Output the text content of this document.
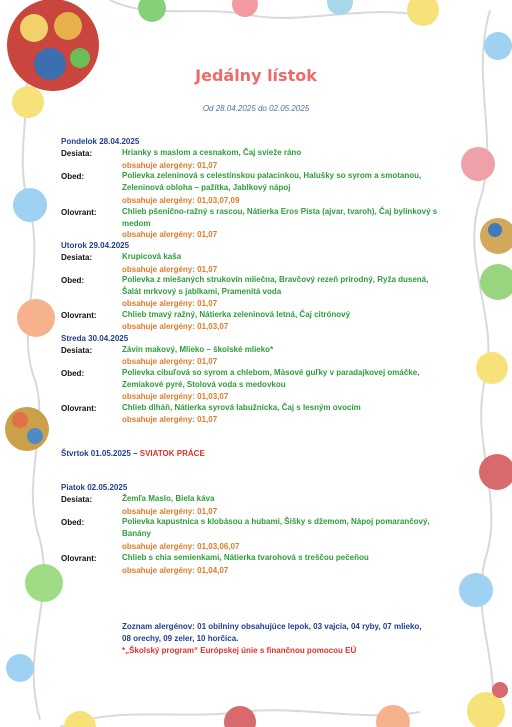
Jedálny lístok
Od 28.04.2025 do 02.05.2025
Pondelok 28.04.2025
Desiata:	Hrianky s maslom a cesnakom, Čaj svieže ráno
obsahuje alergény: 01,07
Obed:	Polievka zeleninová s celestínskou palacinkou, Halušky so syrom a smotanou, Zeleninová obloha – pažítka, Jablkový nápoj
obsahuje alergény: 01,03,07,09
Olovrant:	Chlieb pšenično-ražný s rascou, Nátierka Eros Pista (ajvar, tvaroh), Čaj bylinkový s medom
obsahuje alergény: 01,07
Utorok 29.04.2025
Desiata:	Krupicová kaša
obsahuje alergény: 01,07
Obed:	Polievka z miešaných strukovín mliečna, Bravčový rezeň prírodný, Ryža dusená, Šalát mrkvový s jablkami, Pramenitá voda
obsahuje alergény: 01,07
Olovrant:	Chlieb tmavý ražný, Nátierka zeleninová letná, Čaj citrónový
obsahuje alergény: 01,03,07
Streda 30.04.2025
Desiata:	Závin makový, Mlieko – školské mlieko*
obsahuje alergény: 01,07
Obed:	Polievka cibuľová so syrom a chlebom, Mäsové guľky v paradajkovej omáčke, Zemiakové pyré, Stolová voda s medovkou
obsahuje alergény: 01,03,07
Olovrant:	Chlieb dlháň, Nátierka syrová labužnícka, Čaj s lesným ovocím
obsahuje alergény: 01,07
Štvrtok 01.05.2025 – SVIATOK PRÁCE
Piatok 02.05.2025
Desiata:	Žemľa Maslo, Biela káva
obsahuje alergény: 01,07
Obed:	Polievka kapustnica s klobásou a hubami, Šišky s džemom, Nápoj pomarančový, Banány
obsahuje alergény: 01,03,06,07
Olovrant:	Chlieb s chia semienkami, Nátierka tvarohová s treščou pečeňou
obsahuje alergény: 01,04,07
Zoznam alergénov: 01 obilniny obsahujúce lepok, 03 vajcia, 04 ryby, 07 mlieko, 08 orechy, 09 zeler, 10 horčica.
*„Školský program“ Európskej únie s finančnou pomocou EÚ
